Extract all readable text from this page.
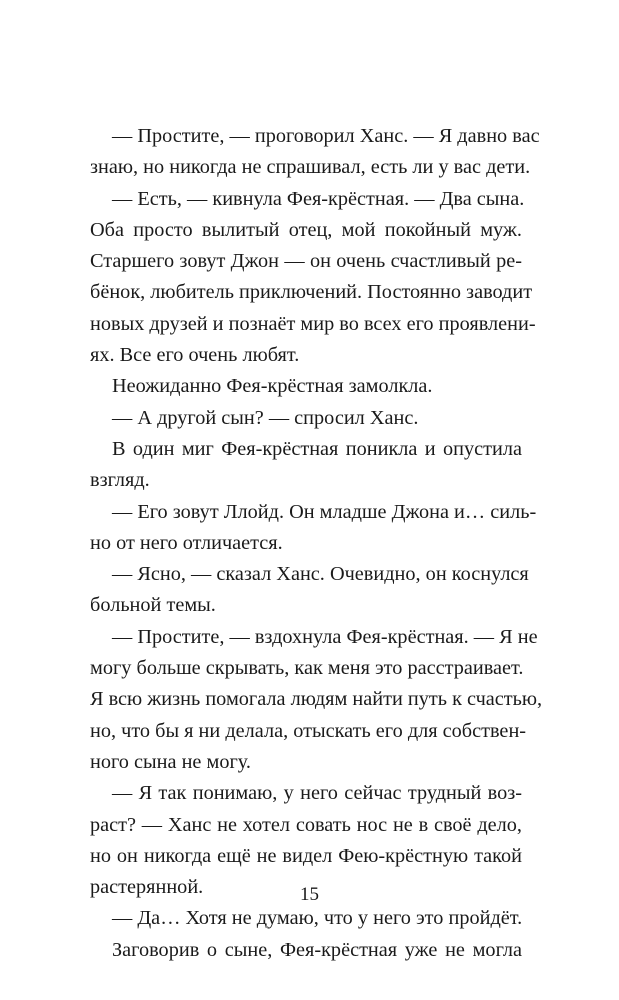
— Простите, — проговорил Ханс. — Я давно вас
знаю, но никогда не спрашивал, есть ли у вас дети.
— Есть, — кивнула Фея-крёстная. — Два сына.
Оба просто вылитый отец, мой покойный муж.
Старшего зовут Джон — он очень счастливый ре-
бёнок, любитель приключений. Постоянно заводит
новых друзей и познаёт мир во всех его проявлени-
ях. Все его очень любят.
Неожиданно Фея-крёстная замолкла.
— А другой сын? — спросил Ханс.
В один миг Фея-крёстная поникла и опустила
взгляд.
— Его зовут Ллойд. Он младше Джона и… силь-
но от него отличается.
— Ясно, — сказал Ханс. Очевидно, он коснулся
больной темы.
— Простите, — вздохнула Фея-крёстная. — Я не
могу больше скрывать, как меня это расстраивает.
Я всю жизнь помогала людям найти путь к счастью,
но, что бы я ни делала, отыскать его для собствен-
ного сына не могу.
— Я так понимаю, у него сейчас трудный воз-
раст? — Ханс не хотел совать нос не в своё дело,
но он никогда ещё не видел Фею-крёстную такой
растерянной.
— Да… Хотя не думаю, что у него это пройдёт.
Заговорив о сыне, Фея-крёстная уже не могла
15
